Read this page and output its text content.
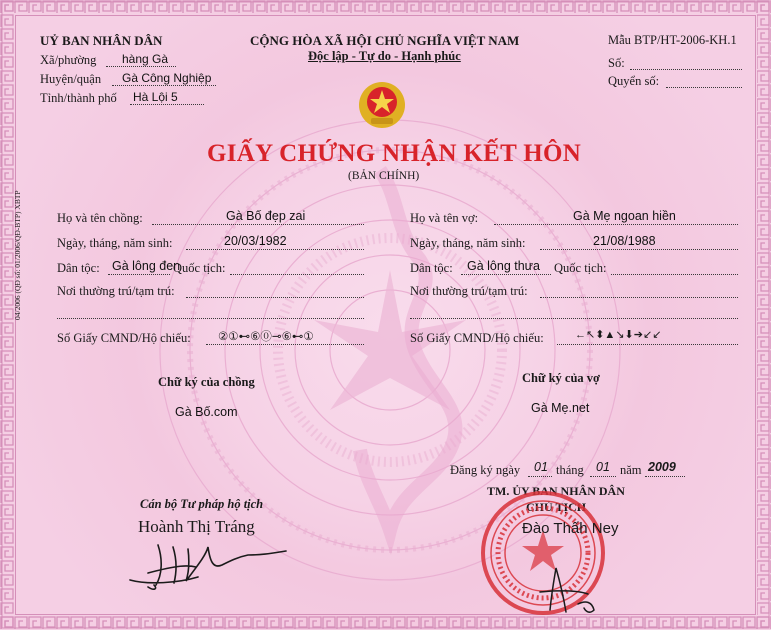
UỶ BAN NHÂN DÂN
Xã/phường hàng Gà
Huyện/quận Gà Công Nghiệp
Tỉnh/thành phố Hà Lội 5
CỘNG HÒA XÃ HỘI CHỦ NGHĨA VIỆT NAM
Độc lập - Tự do - Hạnh phúc
Mẫu BTP/HT-2006-KH.1
Số:
Quyển số:
04/2006 (QĐ số: 01/2006/QĐ-BTP) XBTP
GIẤY CHỨNG NHẬN KẾT HÔN
(BẢN CHÍNH)
Họ và tên chồng:	Gà Bố đẹp zai
Ngày, tháng, năm sinh:	20/03/1982
Dân tộc: Gà lông đen
Quốc tịch:
Nơi thường trú/tạm trú:
Số Giấy CMND/Hộ chiếu: ②①⊷⑥⓪⊸⑥⊷①
Chữ ký của chồng
Gà Bố.com
Họ và tên vợ:	Gà Mẹ ngoan hiền
Ngày, tháng, năm sinh:	21/08/1988
Dân tộc: Gà lông thưa Quốc tịch:
Nơi thường trú/tạm trú:
Số Giấy CMND/Hộ chiếu:	←↖⬍▲↘⬇➔↙↙
Chữ ký của vợ
Gà Mẹ.net
Đăng ký ngày 01 tháng 01 năm 2009
Cán bộ Tư pháp hộ tịch
Hoành Thị Tráng
TM. ỦY BAN NHÂN DÂN
CHỦ TỊCH
Đào Thấh Ney
